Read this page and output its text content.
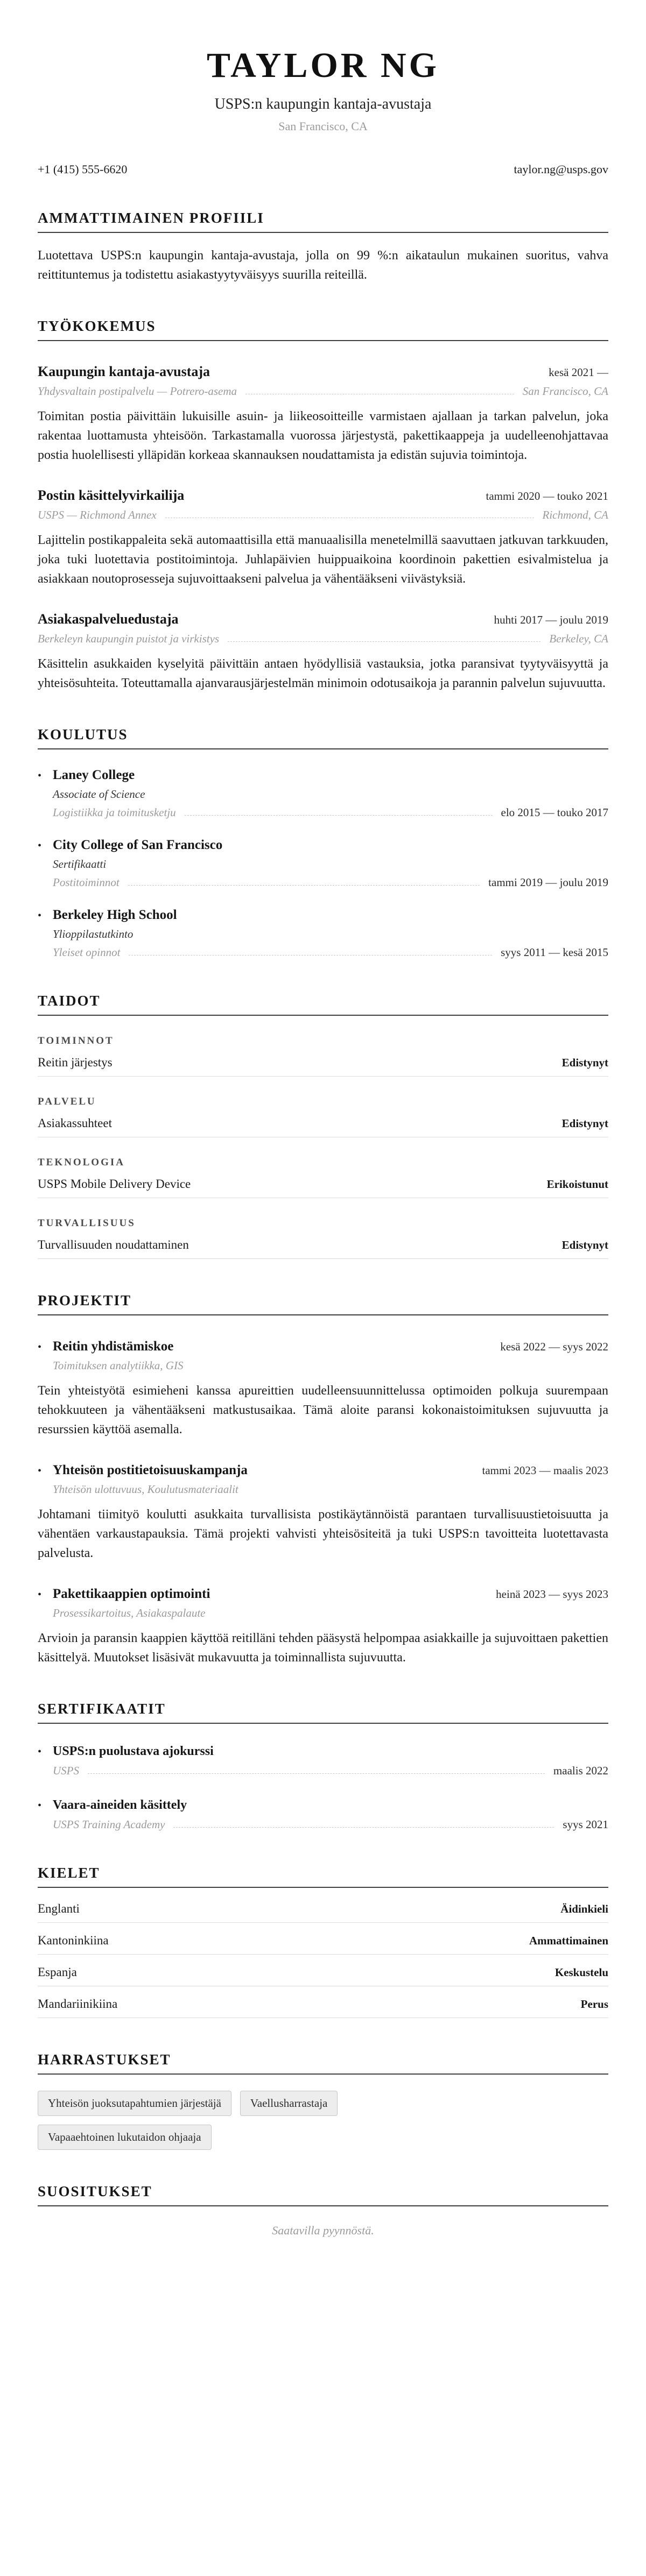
TAYLOR NG
USPS:n kaupungin kantaja-avustaja
San Francisco, CA
+1 (415) 555-6620	taylor.ng@usps.gov
AMMATTIMAINEN PROFIILI

Luotettava USPS:n kaupungin kantaja-avustaja, jolla on 99 %:n aikataulun mukainen suoritus, vahva reittituntemus ja todistettu asiakastyytyväisyys suurilla reiteillä.

TYÖKOKEMUS
Kaupungin kantaja-avustaja	kesä 2021 —
Yhdysvaltain postipalvelu — Potrero-asema	San Francisco, CA

Toimitan postia päivittäin lukuisille asuin- ja liikeosoitteille varmistaen ajallaan ja tarkan palvelun, joka rakentaa luottamusta yhteisöön. Tarkastamalla vuorossa järjestystä, pakettikaappeja ja uudelleenohjattavaa postia huolellisesti ylläpidän korkeaa skannauksen noudattamista ja edistän sujuvia toimintoja.

Postin käsittelyvirkailija	tammi 2020 — touko 2021
USPS — Richmond Annex	Richmond, CA

Lajittelin postikappaleita sekä automaattisilla että manuaalisilla menetelmillä saavuttaen jatkuvan tarkkuuden, joka tuki luotettavia postitoimintoja. Juhlapäivien huippuaikoina koordinoin pakettien esivalmistelua ja asiakkaan noutoprosesseja sujuvoittaakseni palvelua ja vähentääkseni viivästyksiä.

Asiakaspalveluedustaja	huhti 2017 — joulu 2019
Berkeleyn kaupungin puistot ja virkistys	Berkeley, CA

Käsittelin asukkaiden kyselyitä päivittäin antaen hyödyllisiä vastauksia, jotka paransivat tyytyväisyyttä ja yhteisösuhteita. Toteuttamalla ajanvarausjärjestelmän minimoin odotusaikoja ja parannin palvelun sujuvuutta.

KOULUTUS
•
Laney College
Associate of Science
Logistiikka ja toimitusketju	elo 2015 — touko 2017
•
City College of San Francisco
Sertifikaatti
Postitoiminnot	tammi 2019 — joulu 2019
•
Berkeley High School
Ylioppilastutkinto
Yleiset opinnot	syys 2011 — kesä 2015
TAIDOT
TOIMINNOT
Reitin järjestys	Edistynyt
PALVELU
Asiakassuhteet	Edistynyt
TEKNOLOGIA
USPS Mobile Delivery Device	Erikoistunut
TURVALLISUUS
Turvallisuuden noudattaminen	Edistynyt
PROJEKTIT
•
Reitin yhdistämiskoe	kesä 2022 — syys 2022
Toimituksen analytiikka, GIS

Tein yhteistyötä esimieheni kanssa apureittien uudelleensuunnittelussa optimoiden polkuja suurempaan tehokkuuteen ja vähentääkseni matkustusaikaa. Tämä aloite paransi kokonaistoimituksen sujuvuutta ja resurssien käyttöä asemalla.

•
Yhteisön postitietoisuuskampanja	tammi 2023 — maalis 2023
Yhteisön ulottuvuus, Koulutusmateriaalit

Johtamani tiimityö koulutti asukkaita turvallisista postikäytännöistä parantaen turvallisuustietoisuutta ja vähentäen varkaustapauksia. Tämä projekti vahvisti yhteisösiteitä ja tuki USPS:n tavoitteita luotettavasta palvelusta.

•
Pakettikaappien optimointi	heinä 2023 — syys 2023
Prosessikartoitus, Asiakaspalaute

Arvioin ja paransin kaappien käyttöä reitilläni tehden pääsystä helpompaa asiakkaille ja sujuvoittaen pakettien käsittelyä. Muutokset lisäsivät mukavuutta ja toiminnallista sujuvuutta.

SERTIFIKAATIT
•
USPS:n puolustava ajokurssi
USPS	maalis 2022
•
Vaara-aineiden käsittely
USPS Training Academy	syys 2021
KIELET
Englanti	Äidinkieli
Kantoninkiina	Ammattimainen
Espanja	Keskustelu
Mandariinikiina	Perus
HARRASTUKSET
Yhteisön juoksutapahtumien järjestäjä	Vaellusharrastaja
Vapaaehtoinen lukutaidon ohjaaja
SUOSITUKSET

Saatavilla pyynnöstä.
